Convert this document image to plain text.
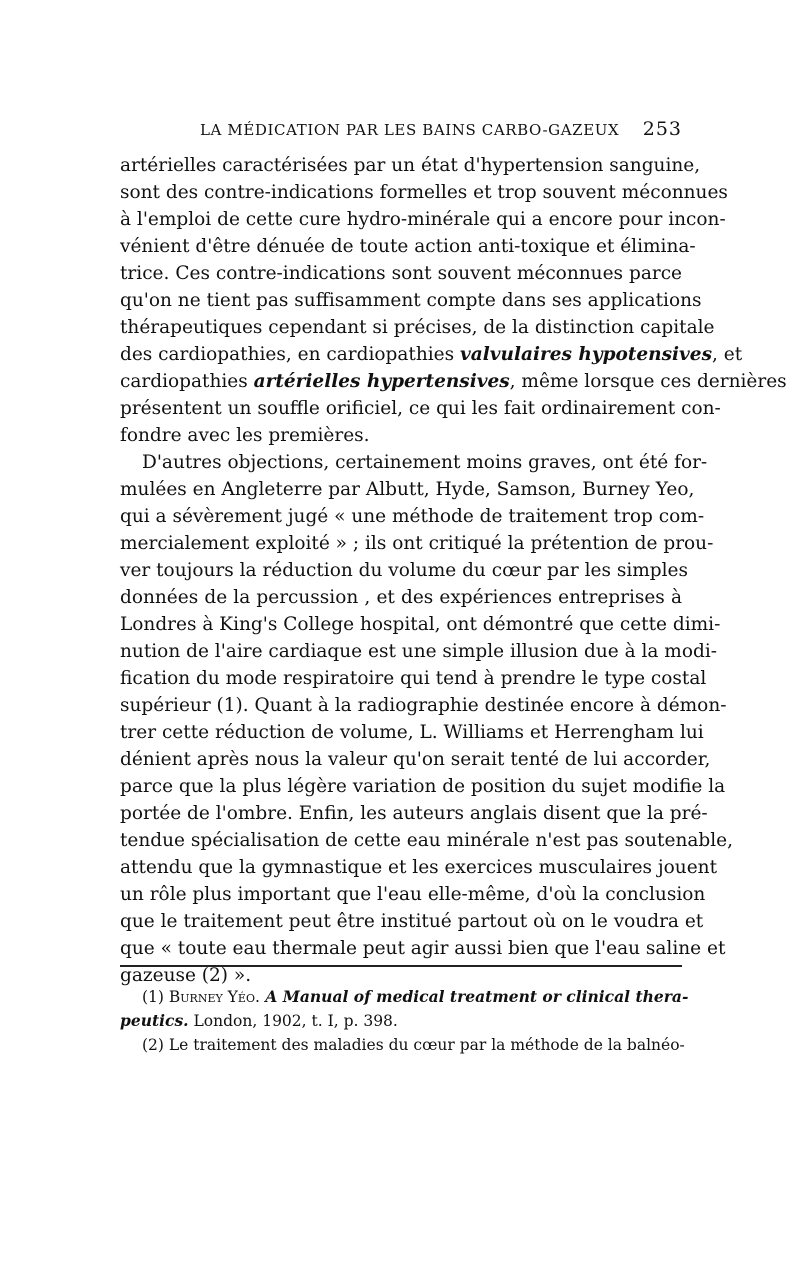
LA MÉDICATION PAR LES BAINS CARBO-GAZEUX 253
artérielles caractérisées par un état d'hypertension sanguine,
sont des contre-indications formelles et trop souvent méconnues
à l'emploi de cette cure hydro-minérale qui a encore pour incon-
vénient d'être dénuée de toute action anti-toxique et élimina-
trice. Ces contre-indications sont souvent méconnues parce
qu'on ne tient pas suffisamment compte dans ses applications
thérapeutiques cependant si précises, de la distinction capitale
des cardiopathies, en cardiopathies valvulaires hypotensives, et
cardiopathies artérielles hypertensives, même lorsque ces dernières
présentent un souffle orificiel, ce qui les fait ordinairement con-
fondre avec les premières.
D'autres objections, certainement moins graves, ont été for-
mulées en Angleterre par Albutt, Hyde, Samson, Burney Yeo,
qui a sévèrement jugé « une méthode de traitement trop com-
mercialement exploité » ; ils ont critiqué la prétention de prou-
ver toujours la réduction du volume du cœur par les simples
données de la percussion , et des expériences entreprises à
Londres à King's College hospital, ont démontré que cette dimi-
nution de l'aire cardiaque est une simple illusion due à la modi-
fication du mode respiratoire qui tend à prendre le type costal
supérieur (1). Quant à la radiographie destinée encore à démon-
trer cette réduction de volume, L. Williams et Herrengham lui
dénient après nous la valeur qu'on serait tenté de lui accorder,
parce que la plus légère variation de position du sujet modifie la
portée de l'ombre. Enfin, les auteurs anglais disent que la pré-
tendue spécialisation de cette eau minérale n'est pas soutenable,
attendu que la gymnastique et les exercices musculaires jouent
un rôle plus important que l'eau elle-même, d'où la conclusion
que le traitement peut être institué partout où on le voudra et
que « toute eau thermale peut agir aussi bien que l'eau saline et
gazeuse (2) ».
(1) Burney Yéo. A Manual of medical treatment or clinical thera-
peutics. London, 1902, t. I, p. 398.
(2) Le traitement des maladies du cœur par la méthode de la balnéo-
